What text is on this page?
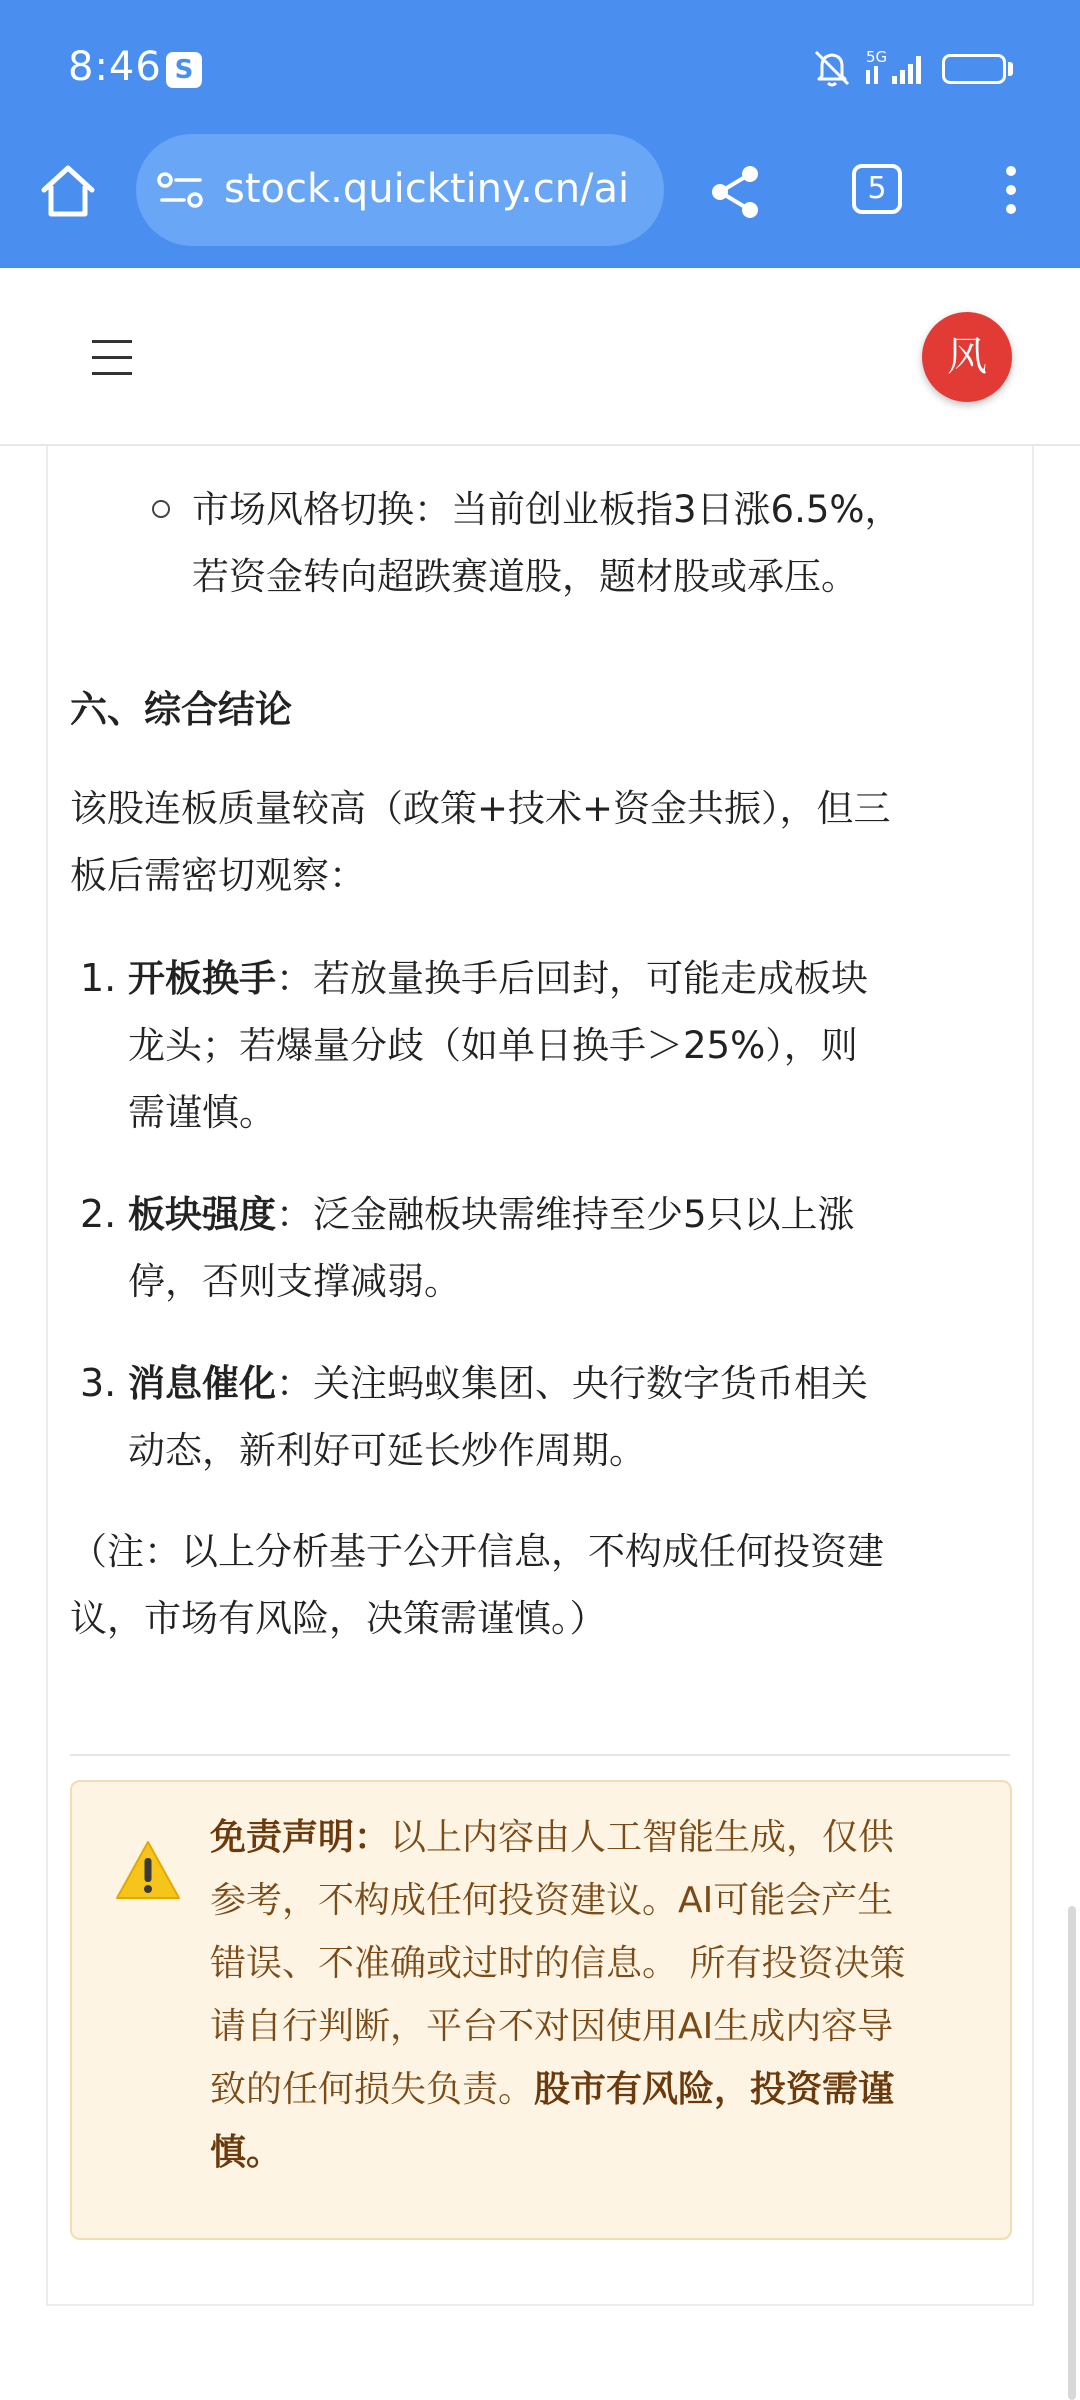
8:46 S	5G	83
stock.quicktiny.cn/ai	5
风
市场风格切换：当前创业板指3日涨6.5%，
若资金转向超跌赛道股，题材股或承压。
六、综合结论
该股连板质量较高（政策+技术+资金共振），但三
板后需密切观察：
1. 开板换手：若放量换手后回封，可能走成板块
龙头；若爆量分歧（如单日换手＞25%），则
需谨慎。
2. 板块强度：泛金融板块需维持至少5只以上涨
停，否则支撑减弱。
3. 消息催化：关注蚂蚁集团、央行数字货币相关
动态，新利好可延长炒作周期。
（注：以上分析基于公开信息，不构成任何投资建
议，市场有风险，决策需谨慎。）
免责声明：以上内容由人工智能生成，仅供
参考，不构成任何投资建议。AI可能会产生
错误、不准确或过时的信息。 所有投资决策
请自行判断，平台不对因使用AI生成内容导
致的任何损失负责。股市有风险，投资需谨
慎。
